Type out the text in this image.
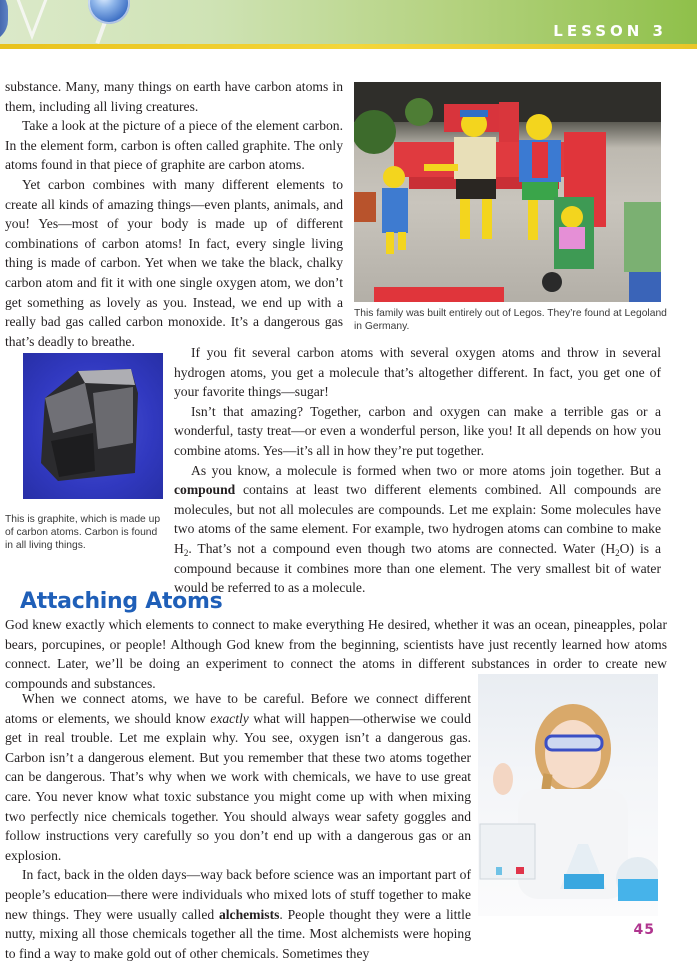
LESSON 3

substance. Many, many things on earth have carbon atoms in them, including all living creatures.

Take a look at the picture of a piece of the element carbon. In the element form, carbon is often called graphite. The only atoms found in that piece of graphite are carbon atoms.

Yet carbon combines with many different elements to create all kinds of amazing things—even plants, animals, and you! Yes—most of your body is made up of different combinations of carbon atoms! In fact, every single living thing is made of carbon. Yet when we take the black, chalky carbon atom and fit it with one single oxygen atom, we don’t get something as lovely as you. Instead, we end up with a really bad gas called carbon monoxide. It’s a dangerous gas that’s deadly to breathe.

This family was built entirely out of Legos. They’re found at Legoland in Germany.
This is graphite, which is made up of carbon atoms. Carbon is found in all living things.

If you fit several carbon atoms with several oxygen atoms and throw in several hydrogen atoms, you get a molecule that’s altogether different. In fact, you get one of your favorite things—sugar!

Isn’t that amazing? Together, carbon and oxygen can make a terrible gas or a wonderful, tasty treat—or even a wonderful person, like you! It all depends on how you combine atoms. Yes—it’s all in how they’re put together.

As you know, a molecule is formed when two or more atoms join together. But a compound contains at least two different elements combined. All compounds are molecules, but not all molecules are compounds. Let me explain: Some molecules have two atoms of the same element. For example, two hydrogen atoms can combine to make $H_2$. That’s not a compound even though two atoms are connected. Water $(H_2O)$ is a compound because it combines more than one element. The very smallest bit of water would be referred to as a molecule.

Attaching Atoms

God knew exactly which elements to connect to make everything He desired, whether it was an ocean, pineapples, polar bears, porcupines, or people! Although God knew from the beginning, scientists have just recently learned how atoms connect. Later, we’ll be doing an experiment to connect the atoms in different substances in order to create new compounds and substances.

When we connect atoms, we have to be careful. Before we connect different atoms or elements, we should know exactly what will happen—otherwise we could get in real trouble. Let me explain why. You see, oxygen isn’t a dangerous gas. Carbon isn’t a dangerous element. But you remember that these two atoms together can be dangerous. That’s why when we work with chemicals, we have to use great care. You never know what toxic substance you might come up with when mixing two perfectly nice chemicals together. You should always wear safety goggles and follow instructions very carefully so you don’t end up with a dangerous gas or an explosion.

In fact, back in the olden days—way back before science was an important part of people’s education—there were individuals who mixed lots of stuff together to make new things. They were usually called alchemists. People thought they were a little nutty, mixing all those chemicals together all the time. Most alchemists were hoping to find a way to make gold out of other chemicals. Sometimes they

45
